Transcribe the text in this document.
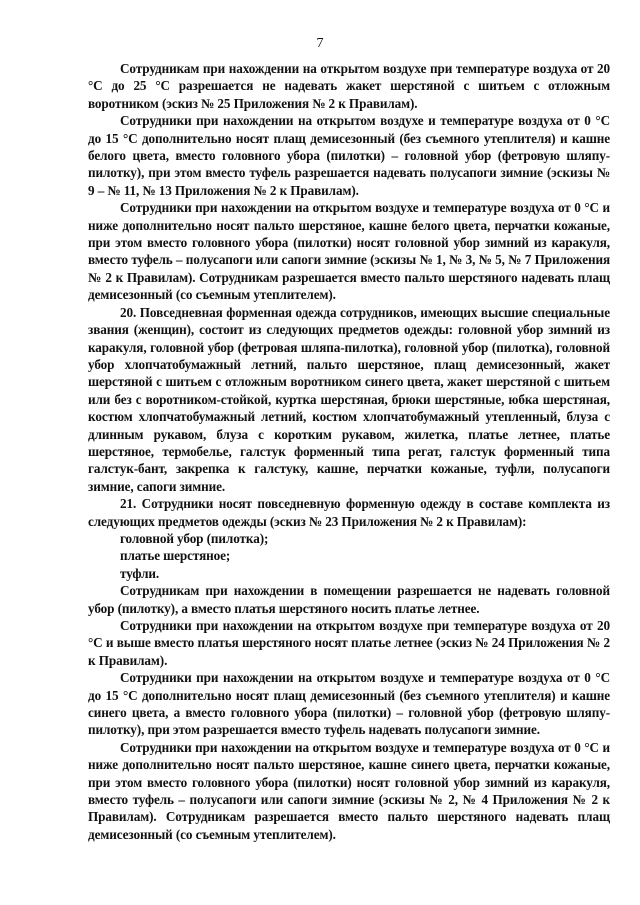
7

Сотрудникам при нахождении на открытом воздухе при температуре воздуха от 20 °С до 25 °С разрешается не надевать жакет шерстяной с шитьем с отложным воротником (эскиз № 25 Приложения № 2 к Правилам).

Сотрудники при нахождении на открытом воздухе и температуре воздуха от 0 °С до 15 °С дополнительно носят плащ демисезонный (без съемного утеплителя) и кашне белого цвета, вместо головного убора (пилотки) – головной убор (фетровую шляпу-пилотку), при этом вместо туфель разрешается надевать полусапоги зимние (эскизы № 9 – № 11, № 13 Приложения № 2 к Правилам).

Сотрудники при нахождении на открытом воздухе и температуре воздуха от 0 °С и ниже дополнительно носят пальто шерстяное, кашне белого цвета, перчатки кожаные, при этом вместо головного убора (пилотки) носят головной убор зимний из каракуля, вместо туфель – полусапоги или сапоги зимние (эскизы № 1, № 3, № 5, № 7 Приложения № 2 к Правилам). Сотрудникам разрешается вместо пальто шерстяного надевать плащ демисезонный (со съемным утеплителем).

20. Повседневная форменная одежда сотрудников, имеющих высшие специальные звания (женщин), состоит из следующих предметов одежды: головной убор зимний из каракуля, головной убор (фетровая шляпа-пилотка), головной убор (пилотка), головной убор хлопчатобумажный летний, пальто шерстяное, плащ демисезонный, жакет шерстяной с шитьем с отложным воротником синего цвета, жакет шерстяной с шитьем или без с воротником-стойкой, куртка шерстяная, брюки шерстяные, юбка шерстяная, костюм хлопчатобумажный летний, костюм хлопчатобумажный утепленный, блуза с длинным рукавом, блуза с коротким рукавом, жилетка, платье летнее, платье шерстяное, термобелье, галстук форменный типа регат, галстук форменный типа галстук-бант, закрепка к галстуку, кашне, перчатки кожаные, туфли, полусапоги зимние, сапоги зимние.

21. Сотрудники носят повседневную форменную одежду в составе комплекта из следующих предметов одежды (эскиз № 23 Приложения № 2 к Правилам):

головной убор (пилотка);

платье шерстяное;

туфли.

Сотрудникам при нахождении в помещении разрешается не надевать головной убор (пилотку), а вместо платья шерстяного носить платье летнее.

Сотрудники при нахождении на открытом воздухе при температуре воздуха от 20 °С и выше вместо платья шерстяного носят платье летнее (эскиз № 24 Приложения № 2 к Правилам).

Сотрудники при нахождении на открытом воздухе и температуре воздуха от 0 °С до 15 °С дополнительно носят плащ демисезонный (без съемного утеплителя) и кашне синего цвета, а вместо головного убора (пилотки) – головной убор (фетровую шляпу-пилотку), при этом разрешается вместо туфель надевать полусапоги зимние.

Сотрудники при нахождении на открытом воздухе и температуре воздуха от 0 °С и ниже дополнительно носят пальто шерстяное, кашне синего цвета, перчатки кожаные, при этом вместо головного убора (пилотки) носят головной убор зимний из каракуля, вместо туфель – полусапоги или сапоги зимние (эскизы № 2, № 4 Приложения № 2 к Правилам). Сотрудникам разрешается вместо пальто шерстяного надевать плащ демисезонный (со съемным утеплителем).
